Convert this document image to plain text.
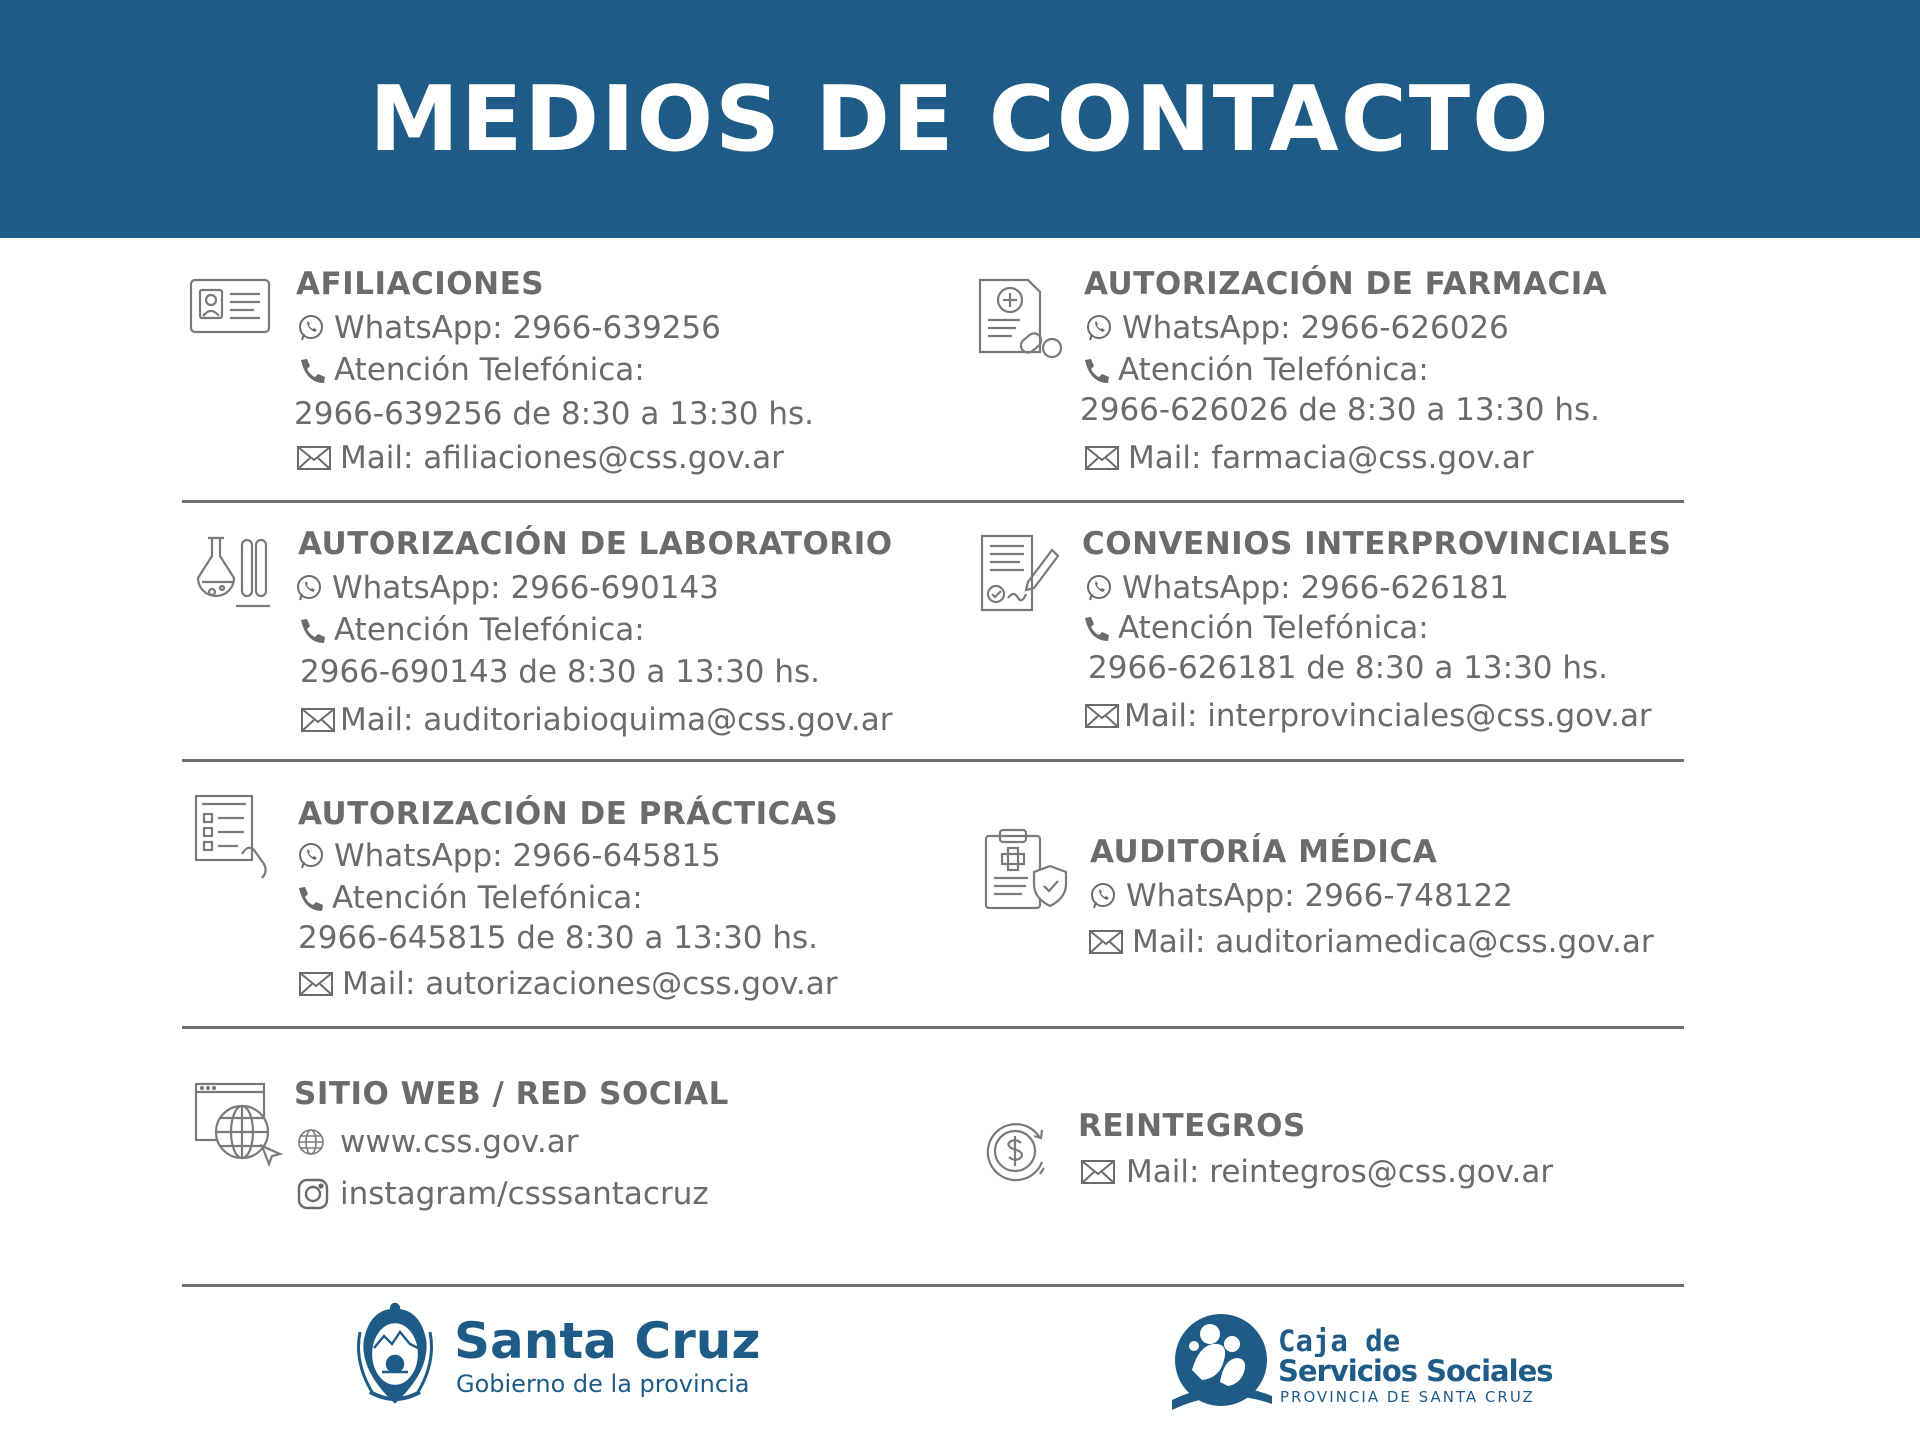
MEDIOS DE CONTACTO
AFILIACIONES
WhatsApp: 2966-639256
Atención Telefónica:
2966-639256 de 8:30 a 13:30 hs.
Mail: afiliaciones@css.gov.ar
AUTORIZACIÓN DE FARMACIA
WhatsApp: 2966-626026
Atención Telefónica:
2966-626026 de 8:30 a 13:30 hs.
Mail: farmacia@css.gov.ar
AUTORIZACIÓN DE LABORATORIO
WhatsApp: 2966-690143
Atención Telefónica:
2966-690143 de 8:30 a 13:30 hs.
Mail: auditoriabioquima@css.gov.ar
CONVENIOS INTERPROVINCIALES
WhatsApp: 2966-626181
Atención Telefónica:
2966-626181 de 8:30 a 13:30 hs.
Mail: interprovinciales@css.gov.ar
AUTORIZACIÓN DE PRÁCTICAS
WhatsApp: 2966-645815
Atención Telefónica:
2966-645815 de 8:30 a 13:30 hs.
Mail: autorizaciones@css.gov.ar
AUDITORÍA MÉDICA
WhatsApp: 2966-748122
Mail: auditoriamedica@css.gov.ar
SITIO WEB / RED SOCIAL
www.css.gov.ar
instagram/csssantacruz
REINTEGROS
Mail: reintegros@css.gov.ar
Santa Cruz
Gobierno de la provincia
Caja de
Servicios Sociales
PROVINCIA DE SANTA CRUZ
